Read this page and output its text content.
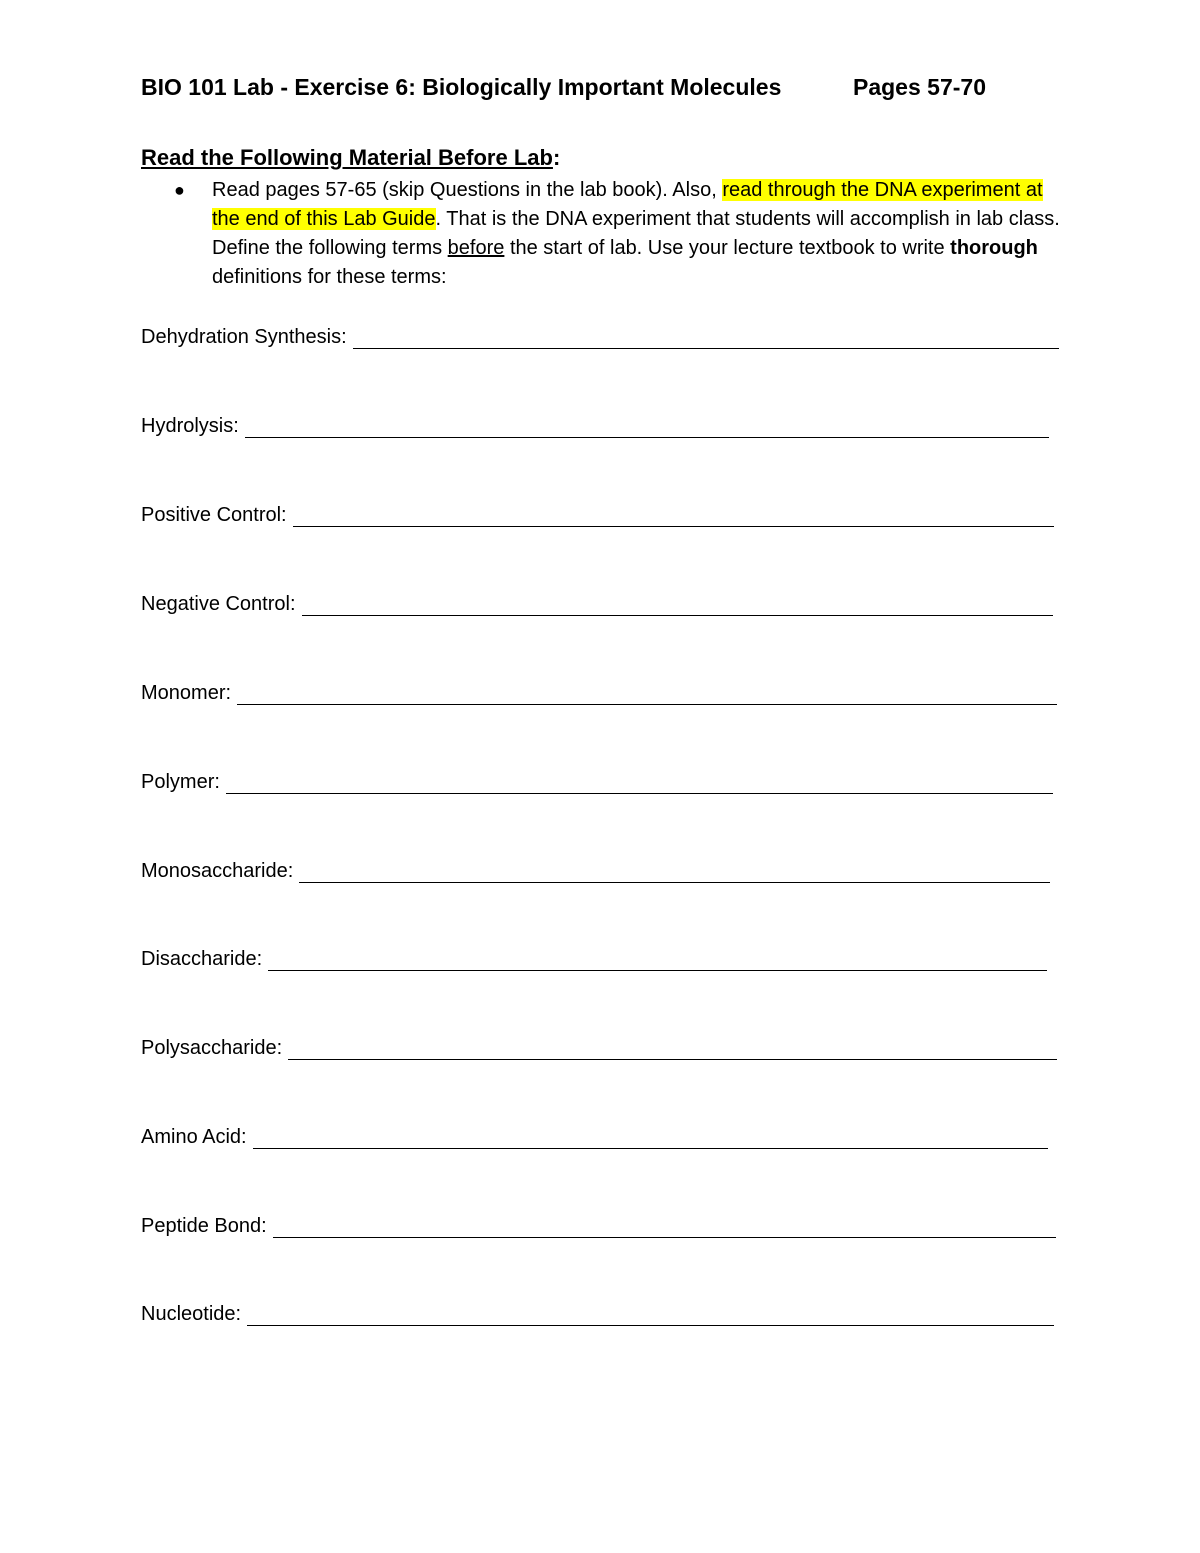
BIO 101 Lab - Exercise 6: Biologically Important Molecules	Pages 57-70
Read the Following Material Before Lab:
● Read pages 57-65 (skip Questions in the lab book). Also, read through the DNA experiment at the end of this Lab Guide. That is the DNA experiment that students will accomplish in lab class. Define the following terms before the start of lab. Use your lecture textbook to write thorough definitions for these terms:
Dehydration Synthesis:
Hydrolysis:
Positive Control:
Negative Control:
Monomer:
Polymer:
Monosaccharide:
Disaccharide:
Polysaccharide:
Amino Acid:
Peptide Bond:
Nucleotide:
